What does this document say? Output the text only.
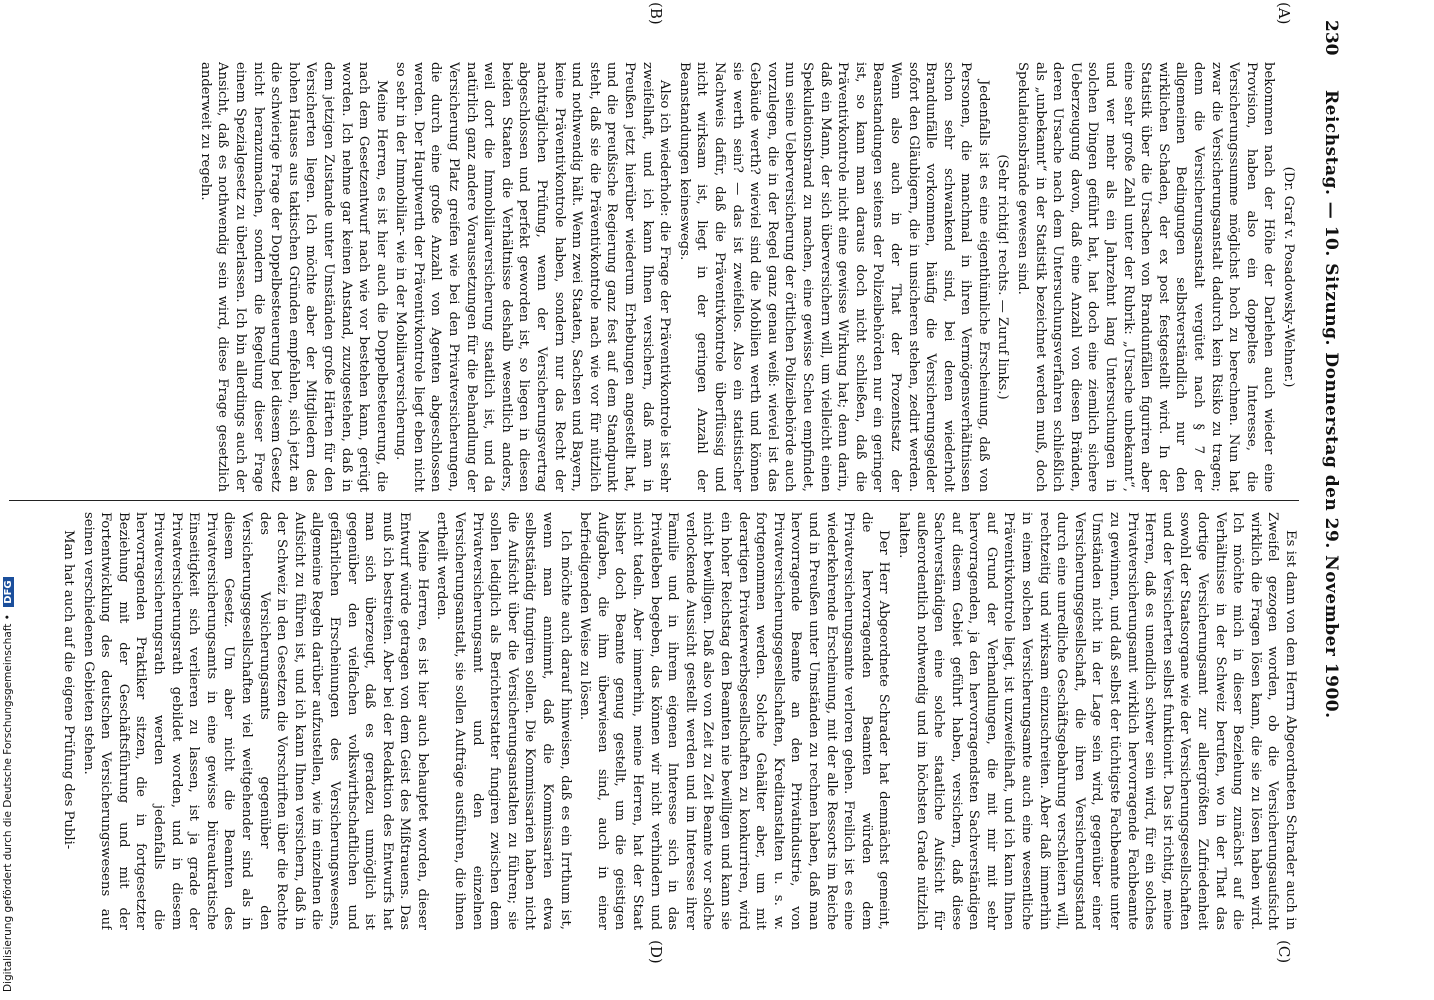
230
Reichstag. — 10. Sitzung. Donnerstag den 29. November 1900.
(A)
(B)
(C)
(D)

(Dr. Graf v. Posadowsky-Wehner.)

bekommen nach der Höhe der Darlehen auch wieder eine Provision, haben also ein doppeltes Interesse, die Versicherungssumme möglichst hoch zu berechnen. Nun hat zwar die Versicherungsanstalt dadurch kein Risiko zu tragen; denn die Versicherungsanstalt vergütet nach § 7 der allgemeinen Bedingungen selbstverständlich nur den wirklichen Schaden, der ex post festgestellt wird. In der Statistik über die Ursachen von Brandunfällen figuriren aber eine sehr große Zahl unter der Rubrik: „Ursache unbekannt“, und wer mehr als ein Jahrzehnt lang Untersuchungen in solchen Dingen geführt hat, hat doch eine ziemlich sichere Ueberzeugung davon, daß eine Anzahl von diesen Bränden, deren Ursache nach dem Untersuchungsverfahren schließlich als „unbekannt“ in der Statistik bezeichnet werden muß, doch Spekulationsbrände gewesen sind.

(Sehr richtig! rechts. — Zuruf links.)

Jedenfalls ist es eine eigenthümliche Erscheinung, daß von Personen, die manchmal in ihren Vermögensverhältnissen schon sehr schwankend sind, bei denen wiederholt Brandunfälle vorkommen, häufig die Versicherungsgelder sofort den Gläubigern, die in unsicheren stehen, zedirt werden. Wenn also auch in der That der Prozentsatz der Beanstandungen seitens der Polizeibehörden nur ein geringer ist, so kann man daraus doch nicht schließen, daß die Präventivkontrole nicht eine gewisse Wirkung hat; denn darin, daß ein Mann, der sich überversichern will, um vielleicht einen Spekulationsbrand zu machen, eine gewisse Scheu empfindet, nun seine Ueberversicherung der örtlichen Polizeibehörde auch vorzulegen, die in der Regel ganz genau weiß: wieviel ist das Gebäude werth? wieviel sind die Mobilien werth und können sie werth sein? — das ist zweifellos. Also ein statistischer Nachweis dafür, daß die Präventivkontrole überflüssig und nicht wirksam ist, liegt in der geringen Anzahl der Beanstandungen keineswegs.

Also ich wiederhole: die Frage der Präventivkontrole ist sehr zweifelhaft, und ich kann Ihnen versichern, daß man in Preußen jetzt hierüber wiederum Erhebungen angestellt hat, und die preußische Regierung ganz fest auf dem Standpunkt steht, daß sie die Präventivkontrole nach wie vor für nützlich und nothwendig hält. Wenn zwei Staaten, Sachsen und Bayern, keine Präventivkontrole haben, sondern nur das Recht der nachträglichen Prüfung, wenn der Versicherungsvertrag abgeschlossen und perfekt geworden ist, so liegen in diesen beiden Staaten die Verhältnisse deshalb wesentlich anders, weil dort die Immobiliarversicherung staatlich ist, und da natürlich ganz andere Voraussetzungen für die Behandlung der Versicherung Platz greifen wie bei den Privatversicherungen, die durch eine große Anzahl von Agenten abgeschlossen werden. Der Hauptwerth der Präventivkontrole liegt eben nicht so sehr in der Immobiliar- wie in der Mobiliarversicherung.

Meine Herren, es ist hier auch die Doppelbesteuerung, die nach dem Gesetzentwurf nach wie vor bestehen kann, gerügt worden. Ich nehme gar keinen Anstand, zuzugestehen, daß in dem jetzigen Zustande unter Umständen große Härten für den Versicherten liegen. Ich möchte aber der Mitgliedern des hohen Hauses aus taktischen Gründen empfehlen, sich jetzt an die schwierige Frage der Doppelbesteuerung bei diesem Gesetz nicht heranzumachen, sondern die Regelung dieser Frage einem Spezialgesetz zu überlassen. Ich bin allerdings auch der Ansicht, daß es nothwendig sein wird, diese Frage gesetzlich anderweit zu regeln.

Es ist dann von dem Herrn Abgeordneten Schrader auch in Zweifel gezogen worden, ob die Versicherungsaufsicht wirklich die Fragen lösen kann, die sie zu lösen haben wird. Ich möchte mich in dieser Beziehung zunächst auf die Verhältnisse in der Schweiz berufen, wo in der That das dortige Versicherungsamt zur allergrößten Zufriedenheit sowohl der Staatsorgane wie der Versicherungsgesellschaften und der Versicherten selbst funktionirt. Das ist richtig, meine Herren, daß es unendlich schwer sein wird, für ein solches Privatversicherungsamt wirklich hervorragende Fachbeamte zu gewinnen, und daß selbst der tüchtigste Fachbeamte unter Umständen nicht in der Lage sein wird, gegenüber einer Versicherungsgesellschaft, die ihren Versicherungsstand durch eine unredliche Geschäftsgebahrung verschleiern will, rechtzeitig und wirksam einzuschreiten. Aber daß immerhin in einem solchen Versicherungsamte auch eine wesentliche Präventivkontrole liegt, ist unzweifelhaft, und ich kann Ihnen auf Grund der Verhandlungen, die mit mir mit sehr hervorragenden, ja den hervorragendsten Sachverständigen auf diesem Gebiet geführt haben, versichern, daß diese Sachverständigen eine solche staatliche Aufsicht für außerordentlich nothwendig und im höchsten Grade nützlich halten.

Der Herr Abgeordnete Schrader hat demnächst gemeint, die hervorragenden Beamten würden dem Privatversicherungsamte verloren gehen. Freilich ist es eine wiederkehrende Erscheinung, mit der alle Ressorts im Reiche und in Preußen unter Umständen zu rechnen haben, daß man hervorragende Beamte an den Privatindustrie, von Privatversicherungsgesellschaften, Kreditanstalten u. s. w. fortgenommen werden. Solche Gehälter aber, um mit derartigen Privaterwerbsgesellschaften zu konkurriren, wird ein hoher Reichstag den Beamten nie bewilligen und kann sie nicht bewilligen. Daß also von Zeit zu Zeit Beamte vor solche verlockende Aussicht gestellt werden und im Interesse ihrer Familie und in ihrem eigenen Interesse sich in das Privatleben begeben, das können wir nicht verhindern und nicht tadeln. Aber immerhin, meine Herren, hat der Staat bisher doch Beamte genug gestellt, um die geistigen Aufgaben, die ihm überwiesen sind, auch in einer befriedigenden Weise zu lösen.

Ich möchte auch darauf hinweisen, daß es ein Irrthum ist, wenn man annimmt, daß die Kommissarien etwa selbstständig fungiren sollen. Die Kommissarien haben nicht die Aufsicht über die Versicherungsanstalten zu führen; sie sollen lediglich als Berichterstatter fungiren zwischen dem Privatversicherungsamt und den einzelnen Versicherungsanstalt, sie sollen Aufträge ausführen, die ihnen ertheilt werden.

Meine Herren, es ist hier auch behauptet worden, dieser Entwurf würde getragen von dem Geist des Mißtrauens. Das muß ich bestreiten. Aber bei der Redaktion des Entwurfs hat man sich überzeugt, daß es geradezu unmöglich ist gegenüber den vielfachen volkswirthschaftlichen und gefährlichen Erscheinungen des Versicherungswesens, allgemeine Regeln darüber aufzustellen, wie im einzelnen die Aufsicht zu führen ist, und ich kann Ihnen versichern, daß in der Schweiz in den Gesetzen die Vorschriften über die Rechte des Versicherungsamts gegenüber den Versicherungsgesellschaften viel weitgehender sind als in diesem Gesetz. Um aber nicht die Beamten des Privatversicherungsamts in eine gewisse büreaukratische Einseitigkeit sich verlieren zu lassen, ist ja grade der Privatversicherungsrath gebildet worden, und in diesem Privatversicherungsrath werden jedenfalls die hervorragenden Praktiker sitzen, die in fortgesetzter Beziehung mit der Geschäftsführung und mit der Fortentwicklung des deutschen Versicherungswesens auf seinen verschiedenen Gebieten stehen.

Man hat auch auf die eigene Prüfung des Publi-

Digitalisierung gefördert durch die Deutsche Forschungsgemeinschaft • DFG
